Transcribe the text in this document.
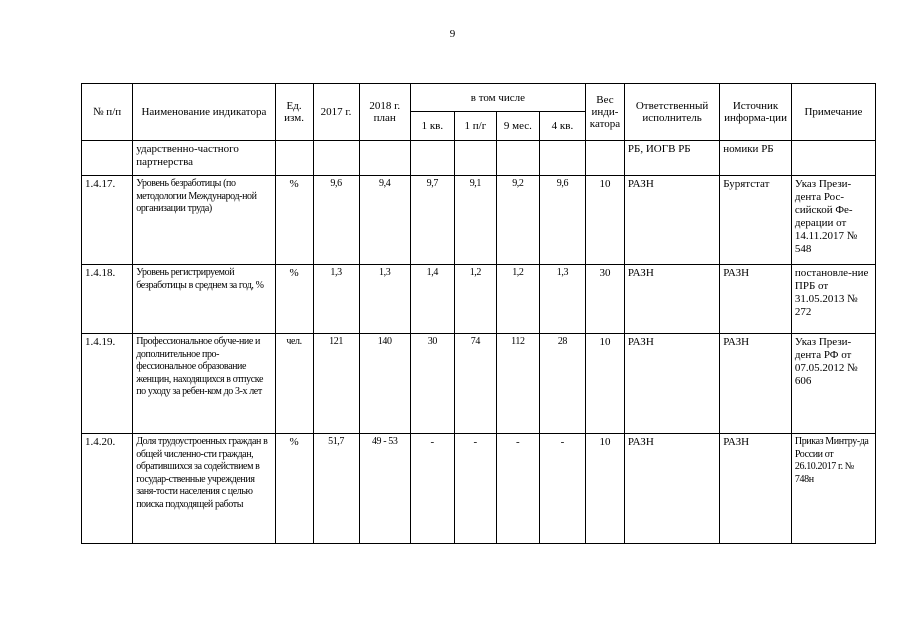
9
№ п/п	Наименование индикатора	Ед. изм.	2017 г.	2018 г. план	в том числе				Вес инди-катора	Ответственный исполнитель	Источник информа-ции	Примечание
					1 кв.	1 п/г	9 мес.	4 кв.				
	ударственно-частного партнерства									РБ, ИОГВ РБ	номики РБ	
1.4.17.	Уровень безработицы (по методологии Международ-ной организации труда)	%	9,6	9,4	9,7	9,1	9,2	9,6	10	РАЗН	Бурятстат	Указ Прези-дента Рос-сийской Фе-дерации от 14.11.2017 № 548
1.4.18.	Уровень регистрируемой безработицы в среднем за год, %	%	1,3	1,3	1,4	1,2	1,2	1,3	30	РАЗН	РАЗН	постановле-ние ПРБ от 31.05.2013 № 272
1.4.19.	Профессиональное обуче-ние и дополнительное про-фессиональное образование женщин, находящихся в отпуске по уходу за ребен-ком до 3-х лет	чел.	121	140	30	74	112	28	10	РАЗН	РАЗН	Указ Прези-дента РФ от 07.05.2012 № 606
1.4.20.	Доля трудоустроенных граждан в общей численно-сти граждан, обратившихся за содействием в государ-ственные учреждения заня-тости населения с целью поиска подходящей работы	%	51,7	49 - 53	-	-	-	-	10	РАЗН	РАЗН	Приказ Минтру-да России от 26.10.2017 г. № 748н
